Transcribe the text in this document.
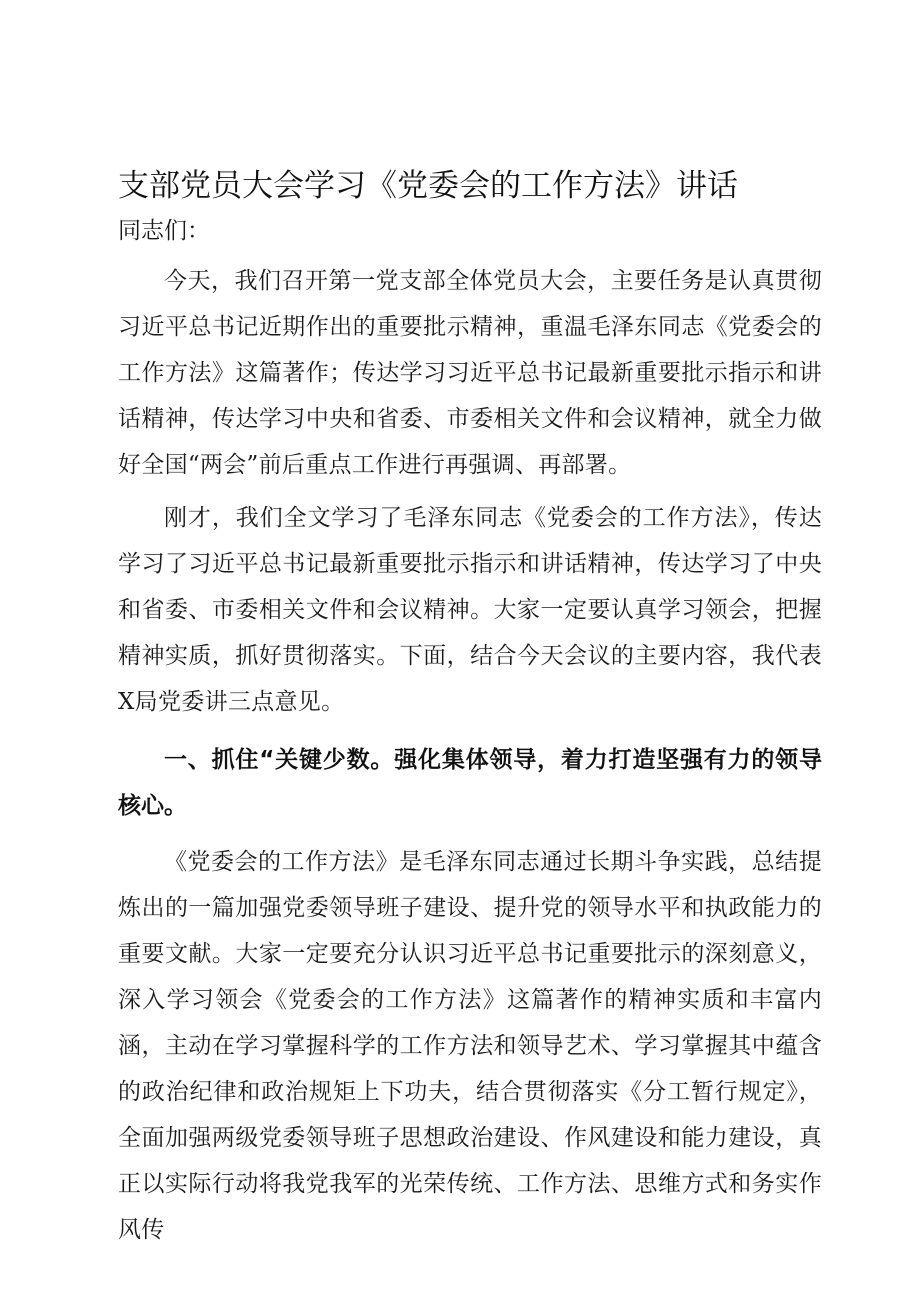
支部党员大会学习《党委会的工作方法》讲话

同志们：

今天，我们召开第一党支部全体党员大会，主要任务是认真贯彻习近平总书记近期作出的重要批示精神，重温毛泽东同志《党委会的工作方法》这篇著作；传达学习习近平总书记最新重要批示指示和讲话精神，传达学习中央和省委、市委相关文件和会议精神，就全力做好全国“两会”前后重点工作进行再强调、再部署。

刚才，我们全文学习了毛泽东同志《党委会的工作方法》，传达学习了习近平总书记最新重要批示指示和讲话精神，传达学习了中央和省委、市委相关文件和会议精神。大家一定要认真学习领会，把握精神实质，抓好贯彻落实。下面，结合今天会议的主要内容，我代表X局党委讲三点意见。

一、抓住“关键少数。强化集体领导，着力打造坚强有力的领导核心。

《党委会的工作方法》是毛泽东同志通过长期斗争实践，总结提炼出的一篇加强党委领导班子建设、提升党的领导水平和执政能力的重要文献。大家一定要充分认识习近平总书记重要批示的深刻意义，深入学习领会《党委会的工作方法》这篇著作的精神实质和丰富内涵，主动在学习掌握科学的工作方法和领导艺术、学习掌握其中蕴含的政治纪律和政治规矩上下功夫，结合贯彻落实《分工暂行规定》，全面加强两级党委领导班子思想政治建设、作风建设和能力建设，真正以实际行动将我党我军的光荣传统、工作方法、思维方式和务实作风传
